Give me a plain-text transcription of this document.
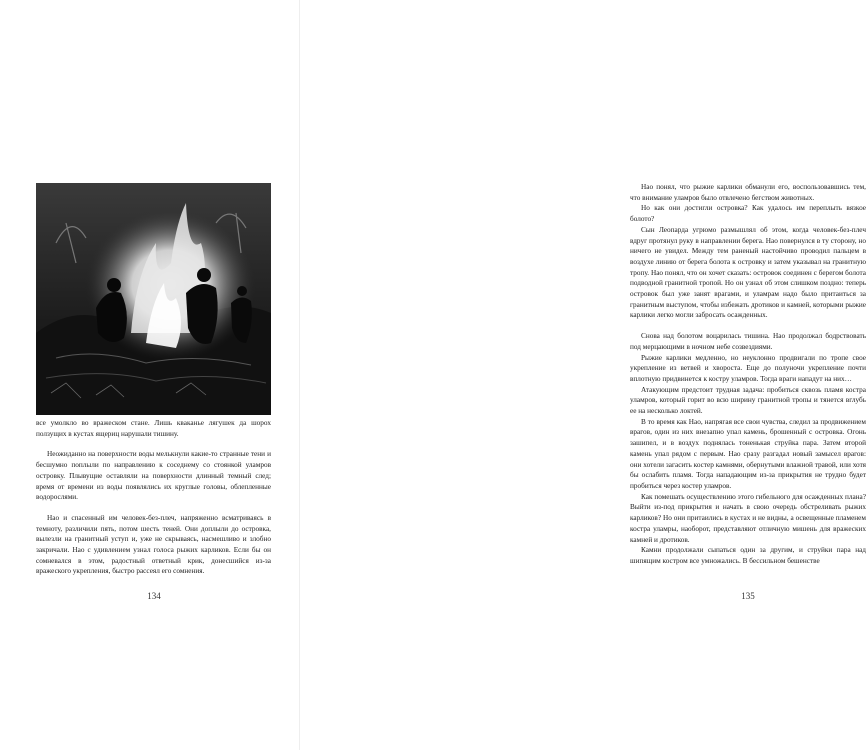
все умолкло во вражеском стане. Лишь кваканье лягушек да шорох ползущих в кустах ящериц нарушали тишину.

Неожиданно на поверхности воды мелькнули какие-то странные тени и бесшумно поплыли по направлению к соседнему со стоянкой уламров островку. Плывущие оставляли на поверхности длинный темный след; время от времени из воды появлялись их круглые головы, облепленные водорослями.

Нао и спасенный им человек-без-плеч, напряженно всматриваясь в темноту, различили пять, потом шесть теней. Они доплыли до островка, вылезли на гранитный уступ и, уже не скрываясь, насмешливо и злобно закричали. Нао с удивлением узнал голоса рыжих карликов. Если бы он сомневался в этом, радостный ответный крик, донесшийся из-за вражеского укрепления, быстро рассеял его сомнения.

134

Нао понял, что рыжие карлики обманули его, воспользовавшись тем, что внимание уламров было отвлечено бегством животных.

Но как они достигли островка? Как удалось им переплыть вязкое болото?

Сын Леопарда угрюмо размышлял об этом, когда человек-без-плеч вдруг протянул руку в направлении берега. Нао повернулся в ту сторону, но ничего не увидел. Между тем раненый настойчиво проводил пальцем в воздухе линию от берега болота к островку и затем указывал на гранитную тропу. Нао понял, что он хочет сказать: островок соединен с берегом болота подводной гранитной тропой. Но он узнал об этом слишком поздно: теперь островок был уже занят врагами, и уламрам надо было притаиться за гранитным выступом, чтобы избежать дротиков и камней, которыми рыжие карлики легко могли забросать осажденных.

Снова над болотом воцарилась тишина. Нао продолжал бодрствовать под мерцающими в ночном небе созвездиями.

Рыжие карлики медленно, но неуклонно продвигали по тропе свое укрепление из ветвей и хвороста. Еще до полуночи укрепление почти вплотную придвинется к костру уламров. Тогда враги нападут на них…

Атакующим предстоит трудная задача: пробиться сквозь пламя костра уламров, который горит во всю ширину гранитной тропы и тянется вглубь ее на несколько локтей.

В то время как Нао, напрягая все свои чувства, следил за продвижением врагов, один из них внезапно упал камень, брошенный с островка. Огонь зашипел, и в воздух поднялась тоненькая струйка пара. Затем второй камень упал рядом с первым. Нао сразу разгадал новый замысел врагов: они хотели загасить костер камнями, обернутыми влажной травой, или хотя бы ослабить пламя. Тогда нападающим из-за прикрытия не трудно будет пробиться через костер уламров.

Как помешать осуществлению этого гибельного для осажденных плана? Выйти из-под прикрытия и начать в свою очередь обстреливать рыжих карликов? Но они притаились в кустах и не видны, а освещенные пламенем костра уламры, наоборот, представляют отличную мишень для вражеских камней и дротиков.

Камни продолжали сыпаться один за другим, и струйки пара над шипящим костром все умножались. В бессильном бешенстве

135
